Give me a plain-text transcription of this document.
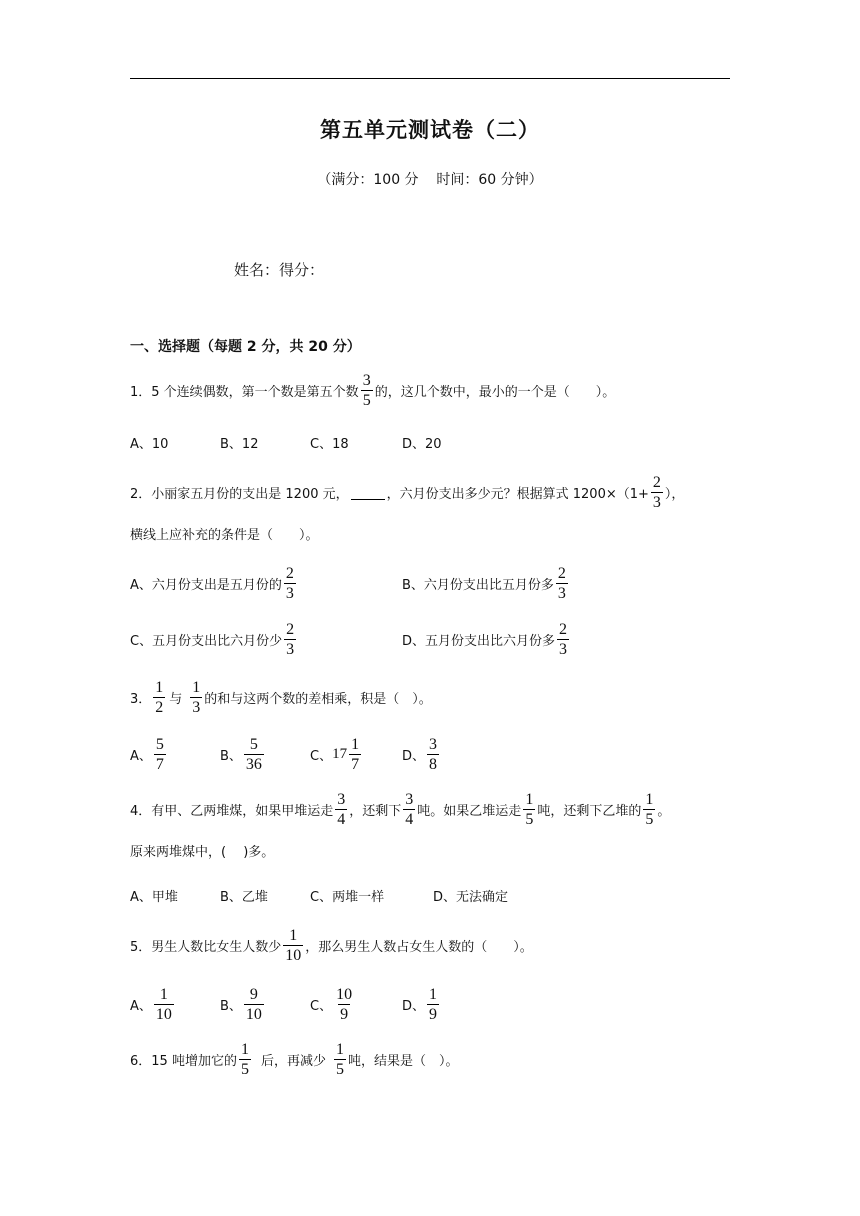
第五单元测试卷（二）
（满分：100 分    时间：60 分钟）
姓名：得分：
一、选择题（每题 2 分，共 20 分）
1．5 个连续偶数，第一个数是第五个数 $\frac{3}{5}$ 的，这几个数中，最小的一个是（　　）。
A、10	B、12	C、18	D、20
2．小丽家五月份的支出是 1200 元，	，六月份支出多少元？根据算式 $1200\times(1+ \frac{2}{3}$ ），
横线上应补充的条件是（　　）。
A、六月份支出是五月份的 $\frac{2}{3}$	B、六月份支出比五月份多 $\frac{2}{3}$
C、五月份支出比六月份少 $\frac{2}{3}$	D、五月份支出比六月份多 $\frac{2}{3}$
3． $\frac{1}{2}$ 与 $\frac{1}{3}$ 的和与这两个数的差相乘，积是（　）。
A、 $\frac{5}{7}$	B、 $\frac{5}{36}$	C、 $17 \frac{1}{7}$	D、 $\frac{3}{8}$
4．有甲、乙两堆煤，如果甲堆运走 $\frac{3}{4}$ ，还剩下 $\frac{3}{4}$ 吨。如果乙堆运走 $\frac{1}{5}$ 吨，还剩下乙堆的 $\frac{1}{5}$ 。
原来两堆煤中，(　 )多。
A、甲堆	B、乙堆	C、两堆一样	D、无法确定
5．男生人数比女生人数少 $\frac{1}{10}$ ，那么男生人数占女生人数的（　　）。
A、 $\frac{1}{10}$	B、 $\frac{9}{10}$	C、 $\frac{10}{9}$	D、 $\frac{1}{9}$
6．15 吨增加它的 $\frac{1}{5}$ 后，再减少 $\frac{1}{5}$ 吨，结果是（　）。
